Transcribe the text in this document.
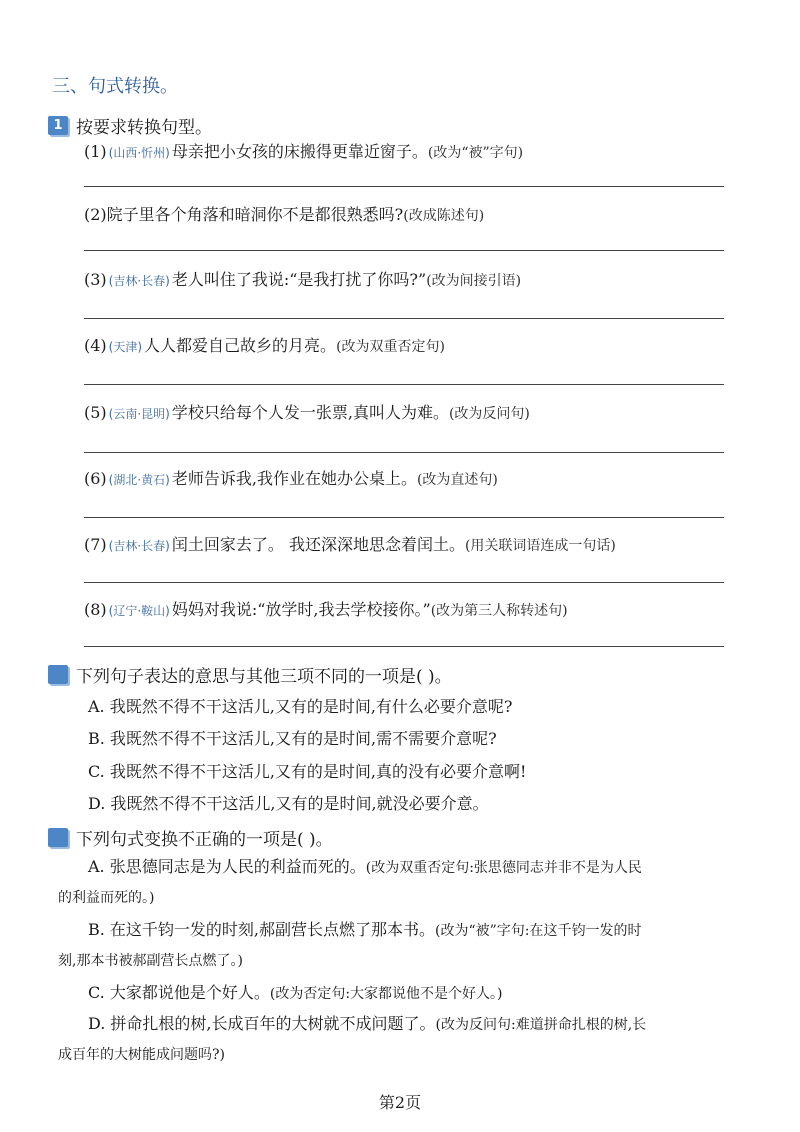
三、句式转换。
1 按要求转换句型。
(1) (山西·忻州) 母亲把小女孩的床搬得更靠近窗子。(改为“被”字句)
(2)院子里各个角落和暗洞你不是都很熟悉吗?(改成陈述句)
(3) (吉林·长春) 老人叫住了我说:“是我打扰了你吗?”(改为间接引语)
(4) (天津) 人人都爱自己故乡的月亮。(改为双重否定句)
(5) (云南·昆明) 学校只给每个人发一张票,真叫人为难。(改为反问句)
(6) (湖北·黄石) 老师告诉我,我作业在她办公桌上。(改为直述句)
(7) (吉林·长春) 闰土回家去了。 我还深深地思念着闰土。(用关联词语连成一句话)
(8) (辽宁·鞍山) 妈妈对我说:“放学时,我去学校接你。”(改为第三人称转述句)
下列句子表达的意思与其他三项不同的一项是( )。
A. 我既然不得不干这活儿,又有的是时间,有什么必要介意呢?
B. 我既然不得不干这活儿,又有的是时间,需不需要介意呢?
C. 我既然不得不干这活儿,又有的是时间,真的没有必要介意啊!
D. 我既然不得不干这活儿,又有的是时间,就没必要介意。
下列句式变换不正确的一项是( )。
A. 张思德同志是为人民的利益而死的。(改为双重否定句:张思德同志并非不是为人民
的利益而死的。)
B. 在这千钧一发的时刻,郝副营长点燃了那本书。(改为“被”字句:在这千钧一发的时
刻,那本书被郝副营长点燃了。)
C. 大家都说他是个好人。(改为否定句:大家都说他不是个好人。)
D. 拼命扎根的树,长成百年的大树就不成问题了。(改为反问句:难道拼命扎根的树,长
成百年的大树能成问题吗?)
第2页
